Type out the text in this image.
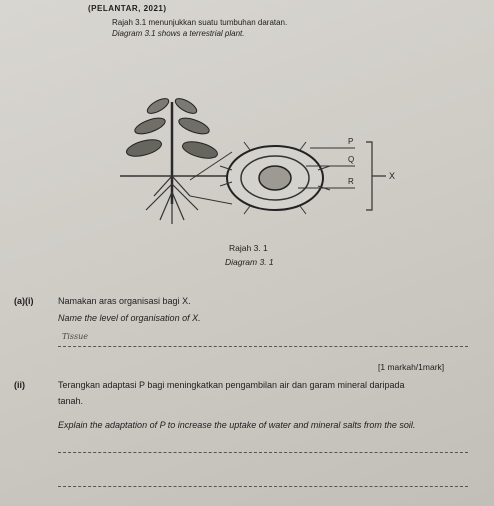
(PELANTAR, 2021)
Rajah 3.1 menunjukkan suatu tumbuhan daratan.
Diagram 3.1 shows a terrestrial plant.
P
Q
R
X
Rajah 3. 1
Diagram 3. 1
(a)(i)	Namakan aras organisasi bagi X.
Name the level of organisation of X.
Tissue
[1 markah/1mark]
(ii)	Terangkan adaptasi P bagi meningkatkan pengambilan air dan garam mineral daripada
tanah.
Explain the adaptation of P to increase the uptake of water and mineral salts from the soil.
